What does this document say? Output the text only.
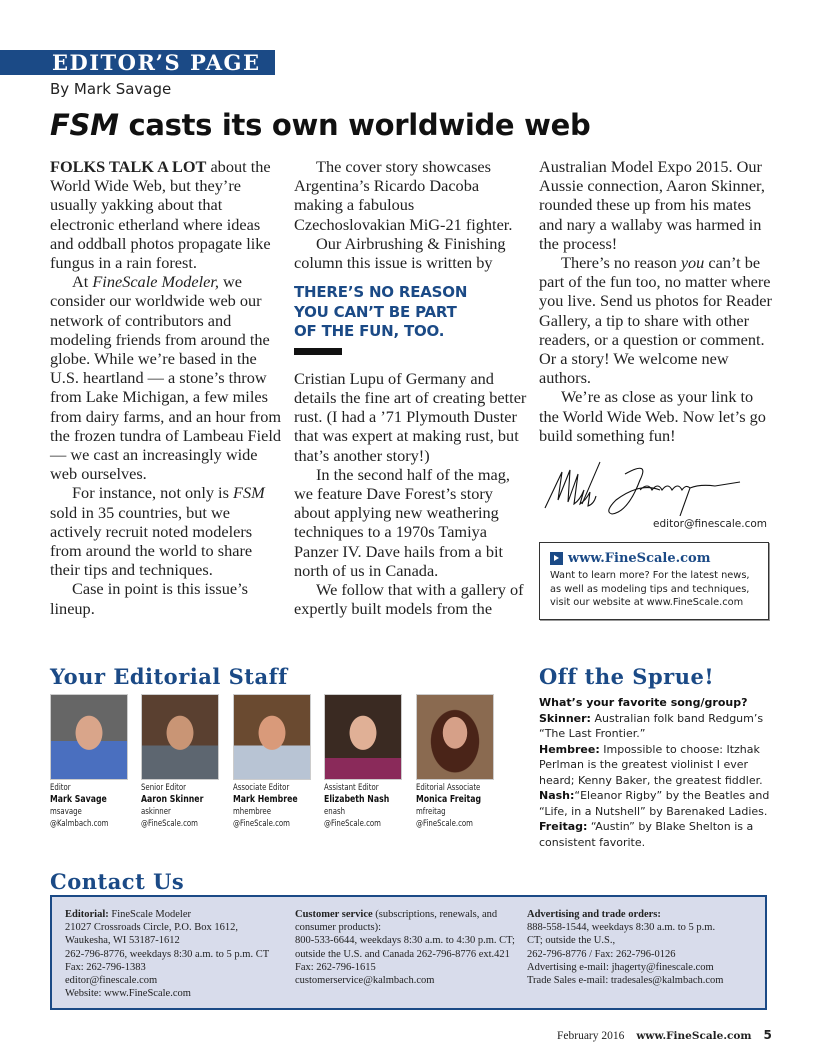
EDITOR’S PAGE
By Mark Savage
FSM casts its own worldwide web

FOLKS TALK A LOT about the World Wide Web, but they’re usually yakking about that electronic etherland where ideas and oddball photos propagate like fungus in a rain forest.

At FineScale Modeler, we consider our worldwide web our network of contributors and modeling friends from around the globe. While we’re based in the U.S. heartland — a stone’s throw from Lake Michigan, a few miles from dairy farms, and an hour from the frozen tundra of Lambeau Field — we cast an increasingly wide web ourselves.

For instance, not only is FSM sold in 35 countries, but we actively recruit noted modelers from around the world to share their tips and techniques.

Case in point is this issue’s lineup.

The cover story showcases Argentina’s Ricardo Dacoba making a fabulous Czechoslovakian MiG-21 fighter.

Our Airbrushing & Finishing column this issue is written by

THERE’S NO REASON
YOU CAN’T BE PART
OF THE FUN, TOO.

Cristian Lupu of Germany and details the fine art of creating better rust. (I had a ’71 Plymouth Duster that was expert at making rust, but that’s another story!)

In the second half of the mag, we feature Dave Forest’s story about applying new weathering techniques to a 1970s Tamiya Panzer IV. Dave hails from a bit north of us in Canada.

We follow that with a gallery of expertly built models from the

Australian Model Expo 2015. Our Aussie connection, Aaron Skinner, rounded these up from his mates and nary a wallaby was harmed in the process!

There’s no reason you can’t be part of the fun too, no matter where you live. Send us photos for Reader Gallery, a tip to share with other readers, or a question or comment. Or a story! We welcome new authors.

We’re as close as your link to the World Wide Web. Now let’s go build something fun!

editor@finescale.com
www.FineScale.com
Want to learn more? For the latest news, as well as modeling tips and techniques, visit our website at www.FineScale.com
Your Editorial Staff
Editor
Mark Savage
msavage
@Kalmbach.com
Senior Editor
Aaron Skinner
askinner
@FineScale.com
Associate Editor
Mark Hembree
mhembree
@FineScale.com
Assistant Editor
Elizabeth Nash
enash
@FineScale.com
Editorial Associate
Monica Freitag
mfreitag
@FineScale.com
Off the Sprue!
What’s your favorite song/group?
Skinner: Australian folk band Redgum’s “The Last Frontier.”
Hembree: Impossible to choose: Itzhak Perlman is the greatest violinist I ever heard; Kenny Baker, the greatest fiddler.
Nash:“Eleanor Rigby” by the Beatles and “Life, in a Nutshell” by Barenaked Ladies.
Freitag: “Austin” by Blake Shelton is a consistent favorite.
Contact Us
Editorial: FineScale Modeler
21027 Crossroads Circle, P.O. Box 1612,
Waukesha, WI 53187-1612
262-796-8776, weekdays 8:30 a.m. to 5 p.m. CT
Fax: 262-796-1383
editor@finescale.com
Website: www.FineScale.com
Customer service (subscriptions, renewals, and consumer products):
800-533-6644, weekdays 8:30 a.m. to 4:30 p.m. CT; outside the U.S. and Canada 262-796-8776 ext.421
Fax: 262-796-1615
customerservice@kalmbach.com
Advertising and trade orders:
888-558-1544, weekdays 8:30 a.m. to 5 p.m.
CT; outside the U.S.,
262-796-8776 / Fax: 262-796-0126
Advertising e-mail: jhagerty@finescale.com
Trade Sales e-mail: tradesales@kalmbach.com
February 2016 www.FineScale.com 5
